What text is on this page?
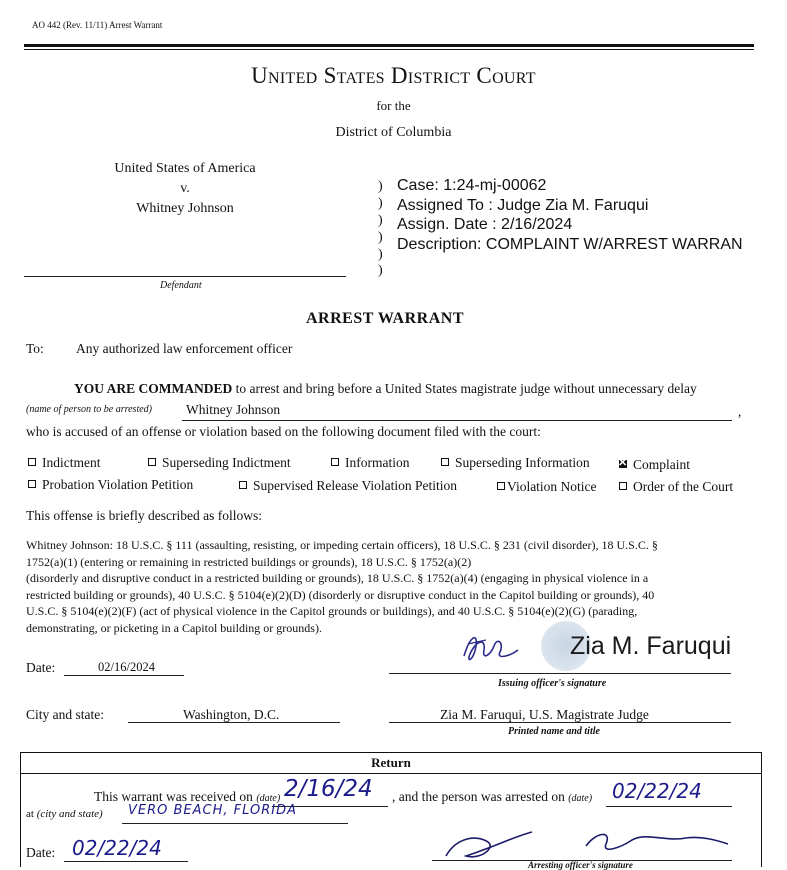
AO 442 (Rev. 11/11) Arrest Warrant
United States District Court
for the
District of Columbia
United States of America
v.
Whitney Johnson
Defendant
)
)
)
)
)
)
Case: 1:24-mj-00062
Assigned To : Judge Zia M. Faruqui
Assign. Date : 2/16/2024
Description: COMPLAINT W/ARREST WARRAN
ARREST WARRANT
To: Any authorized law enforcement officer
YOU ARE COMMANDED to arrest and bring before a United States magistrate judge without unnecessary delay
(name of person to be arrested)	Whitney Johnson	,
who is accused of an offense or violation based on the following document filed with the court:
Indictment	Superseding Indictment	Information	Superseding Information
✕	Complaint
Probation Violation Petition	Supervised Release Violation Petition	Violation Notice	Order of the Court
This offense is briefly described as follows:
Whitney Johnson: 18 U.S.C. § 111 (assaulting, resisting, or impeding certain officers), 18 U.S.C. § 231 (civil disorder), 18 U.S.C. §
1752(a)(1) (entering or remaining in restricted buildings or grounds), 18 U.S.C. § 1752(a)(2)
(disorderly and disruptive conduct in a restricted building or grounds), 18 U.S.C. § 1752(a)(4) (engaging in physical violence in a
restricted building or grounds), 40 U.S.C. § 5104(e)(2)(D) (disorderly or disruptive conduct in the Capitol building or grounds), 40
U.S.C. § 5104(e)(2)(F) (act of physical violence in the Capitol grounds or buildings), and 40 U.S.C. § 5104(e)(2)(G) (parading,
demonstrating, or picketing in a Capitol building or grounds).
Zia M. Faruqui
Issuing officer's signature
Date:	02/16/2024
City and state:	Washington, D.C.	Zia M. Faruqui, U.S. Magistrate Judge
Printed name and title
Return
This warrant was received on (date) 2/16/24 , and the person was arrested on (date) 02/22/24
at (city and state) VERO BEACH, FLORIDA
Date: 02/22/24
Arresting officer's signature
